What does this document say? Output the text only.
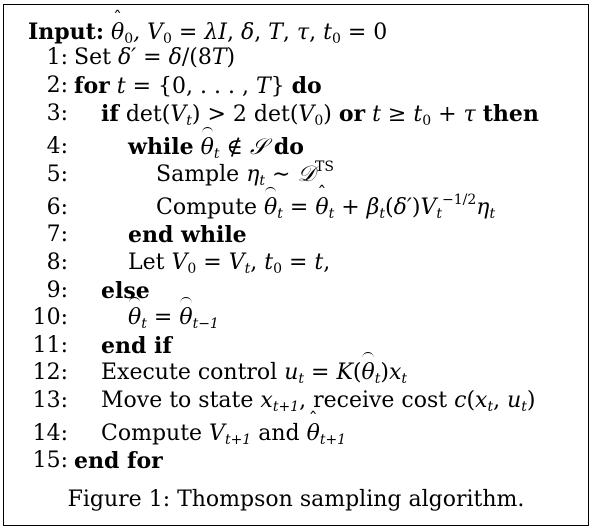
Input: ˆ $\theta_0$, $V_0 = \lambda I$, δ, T, τ, $t_0 = 0$
1: Set δ′ = δ/(8T)
2: for t = {0, . . . , T} do
3: if $\det(V_t) > 2$ $\det(V_0)$ or $t \ge t_0 + \tau$ then
4:	while $\theta_t$ ∉ 𝒮 do
5:	Sample $\eta_t$ ∼ 𝒟$^{TS}$
6:	Compute $\theta_t$ = ˆ $\theta_t + \beta_t(\delta')V_t^{-1/2}\eta_t$
7:	end while
8:	Let $V_0 = V_t$, $t_0 = t$,
9: else
10:	$\theta_t = \theta_{t-1}$
11: end if
12: Execute control $u_t = K(\theta_t)x_t$
13: Move to state $x_{t+1}$, receive cost $c(x_t$, $u_t$)
14: Compute $V_{t+1}$ and ˆ $\theta_{t+1}$
15: end for
Figure 1: Thompson sampling algorithm.
